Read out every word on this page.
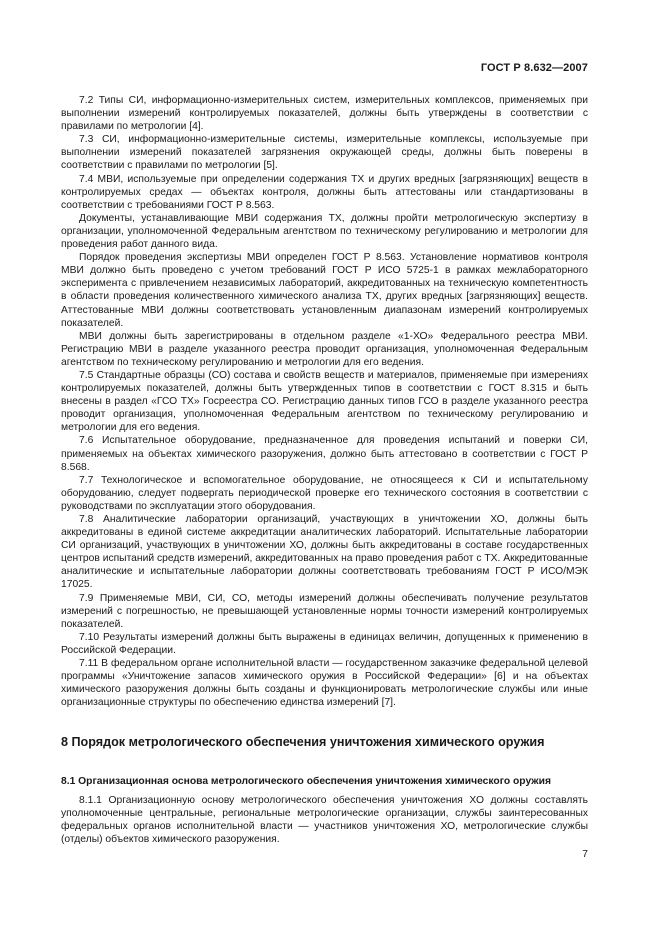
ГОСТ Р 8.632—2007

7.2 Типы СИ, информационно-измерительных систем, измерительных комплексов, применяемых при выполнении измерений контролируемых показателей, должны быть утверждены в соответствии с правилами по метрологии [4].

7.3 СИ, информационно-измерительные системы, измерительные комплексы, используемые при выполнении измерений показателей загрязнения окружающей среды, должны быть поверены в соответствии с правилами по метрологии [5].

7.4 МВИ, используемые при определении содержания ТХ и других вредных [загрязняющих] веществ в контролируемых средах — объектах контроля, должны быть аттестованы или стандартизованы в соответствии с требованиями ГОСТ Р 8.563.

Документы, устанавливающие МВИ содержания ТХ, должны пройти метрологическую экспертизу в организации, уполномоченной Федеральным агентством по техническому регулированию и метрологии для проведения работ данного вида.

Порядок проведения экспертизы МВИ определен ГОСТ Р 8.563. Установление нормативов контроля МВИ должно быть проведено с учетом требований ГОСТ Р ИСО 5725-1 в рамках межлабораторного эксперимента с привлечением независимых лабораторий, аккредитованных на техническую компетентность в области проведения количественного химического анализа ТХ, других вредных [загрязняющих] веществ. Аттестованные МВИ должны соответствовать установленным диапазонам измерений контролируемых показателей.

МВИ должны быть зарегистрированы в отдельном разделе «1-ХО» Федерального реестра МВИ. Регистрацию МВИ в разделе указанного реестра проводит организация, уполномоченная Федеральным агентством по техническому регулированию и метрологии для его ведения.

7.5 Стандартные образцы (СО) состава и свойств веществ и материалов, применяемые при измерениях контролируемых показателей, должны быть утвержденных типов в соответствии с ГОСТ 8.315 и быть внесены в раздел «ГСО ТХ» Госреестра СО. Регистрацию данных типов ГСО в разделе указанного реестра проводит организация, уполномоченная Федеральным агентством по техническому регулированию и метрологии для его ведения.

7.6 Испытательное оборудование, предназначенное для проведения испытаний и поверки СИ, применяемых на объектах химического разоружения, должно быть аттестовано в соответствии с ГОСТ Р 8.568.

7.7 Технологическое и вспомогательное оборудование, не относящееся к СИ и испытательному оборудованию, следует подвергать периодической проверке его технического состояния в соответствии с руководствами по эксплуатации этого оборудования.

7.8 Аналитические лаборатории организаций, участвующих в уничтожении ХО, должны быть аккредитованы в единой системе аккредитации аналитических лабораторий. Испытательные лаборатории СИ организаций, участвующих в уничтожении ХО, должны быть аккредитованы в составе государственных центров испытаний средств измерений, аккредитованных на право проведения работ с ТХ. Аккредитованные аналитические и испытательные лаборатории должны соответствовать требованиям ГОСТ Р ИСО/МЭК 17025.

7.9 Применяемые МВИ, СИ, СО, методы измерений должны обеспечивать получение результатов измерений с погрешностью, не превышающей установленные нормы точности измерений контролируемых показателей.

7.10 Результаты измерений должны быть выражены в единицах величин, допущенных к применению в Российской Федерации.

7.11 В федеральном органе исполнительной власти — государственном заказчике федеральной целевой программы «Уничтожение запасов химического оружия в Российской Федерации» [6] и на объектах химического разоружения должны быть созданы и функционировать метрологические службы или иные организационные структуры по обеспечению единства измерений [7].

8 Порядок метрологического обеспечения уничтожения химического оружия
8.1 Организационная основа метрологического обеспечения уничтожения химического оружия

8.1.1 Организационную основу метрологического обеспечения уничтожения ХО должны составлять уполномоченные центральные, региональные метрологические организации, службы заинтересованных федеральных органов исполнительной власти — участников уничтожения ХО, метрологические службы (отделы) объектов химического разоружения.

7
